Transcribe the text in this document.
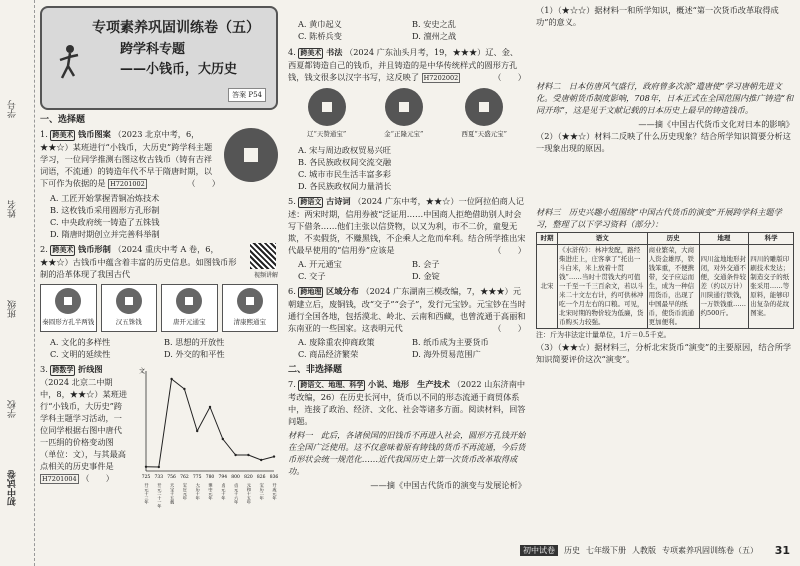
学号
姓名
班级
学校
初中试卷
专项素养巩固训练卷（五）
跨学科专题
——小钱币，大历史
答案 P54
一、选择题
1. 跨美术 钱币图案 （2023 北京中考，6，★★☆）某班进行“小钱币，大历史”跨学科主题学习，一位同学推测右图这枚古钱币（铸有吉祥词语，不流通）的铸造年代不早于隋唐时期，以下可作为依据的是 H7201002	（　　）
A. 工匠开始掌握青铜冶炼技术
B. 这枚钱币采用圆形方孔形制
C. 中央政府统一铸造了五铢钱
D. 隋唐时期创立并完善科举制
视频讲解
2. 跨美术 钱币形制 （2024 重庆中考 A 卷，6，★★☆）古钱币中蕴含着丰富的历史信息。如图钱币形制的沿革体现了我国古代
秦圆形方孔半两钱	汉五铢钱	唐开元通宝	清康熙通宝
A. 文化的多样性	B. 思想的开放性
C. 文明的延续性	D. 外交的和平性
3. 跨数学 折线图 （2024 北京二中期中，8，★★☆）某班进行“小钱币，大历史”跨学科主题学习活动，一位同学根据右图中唐代一匹绢的价格变动图（单位：文），与其最高点相关的历史事件是 H7201004 （　　）
文
725
开元十三年
733
开元二十一年
756
天宝十五载
762
宝应元年
775
大历十年
780
建中元年
794
贞元十年
800
贞元十六年
820
元和十五年
826
宝历二年
836
开成元年
A. 黄巾起义	B. 安史之乱
C. 陈桥兵变	D. 澶州之战
4. 跨美术 书法 （2024 广东汕头月考，19，★★★）辽、金、西夏都铸造自己的钱币，并且铸造的是中华传统样式的圆形方孔钱，钱文很多以汉字书写，这反映了 H7202002	（　　）
辽“天赞通宝”	金“正隆元宝”	西夏“天盛元宝”
A. 宋与周边政权贸易兴旺
B. 各民族政权间交流交融
C. 城市市民生活丰富多彩
D. 各民族政权间力量消长
5. 跨语文 古诗词 （2024 广东中考，★★☆）一位阿拉伯商人记述：两宋时期，信用券被“泛证用……中国商人拒绝借助别人时会写下借条……他们主张以信贷物，以又为利，市不二价，童叟无欺，不卖假货，不赚黑钱，不企乘人之危而牟利。结合所学推出宋代最早使用的“信用券”应该是	（　　）
A. 开元通宝	B. 会子
C. 交子	D. 金锭
6. 跨地理 区域分布 （2024 广东湖南三模改编，7，★★★）元朝建立后，废铜钱，改“交子”“会子”，发行元宝钞。元宝钞在当时通行全国各地，包括漠北、岭北、云南和西藏，也曾流通于高丽和东南亚的一些国家。这表明元代	（　　）
A. 废除重农抑商政策	B. 纸币成为主要货币
C. 商品经济繁荣	D. 海外贸易范围广
二、非选择题
7. 跨语文、地理、科学 小说、地形　生产技术 （2022 山东济南中考改编，26）在历史长河中，货币以不同的形态流通于商贸体系中，连接了政治、经济、文化、社会等诸多方面。阅读材料，回答问题。
材料一　此后，各诸侯国的旧钱币不再进入社会，圆形方孔钱开始在全国广泛使用。这不仅意味着原有铸钱的货币不再流通，今后货币形状会统一规范化……近代我国历史上第一次货币改革取得成功。
——摘《中国古代货币的演变与发展论析》
（1）（★☆☆）据材料一和所学知识，概述“第一次货币改革取得成功”的意义。
材料二　日本仿唐风气盛行，政府曾多次派“遣唐使”学习唐朝先进文化。受唐朝货币制度影响，708年，日本正式在全国范围内推广铸造“和同开珎”，这是见于文献记载的日本历史上最早的铸造钱币。
——摘《中国古代货币文化对日本的影响》
（2）（★★☆）材料二反映了什么历史现象？结合所学知识简要分析这一现象出现的原因。
材料三　历史兴趣小组围绕“中国古代货币的演变”开展跨学科主题学习，整理了以下学习资料（部分）：
时期	语文	历史	地理	科学
北宋	《水浒传》：林冲发配，路经柴进庄上，庄客拿了“托出一斗白米，米上放着十贯钱”……当时十贯钱大约可值一千至一千三百余文，若以斗米二十文左右计，约可供林冲吃一个月左右的口粮。可见，北宋时期的物价较为低廉，货币购买力较强。	商业繁荣，大商人资金雄厚，铁钱笨重，不便携带，交子应运而生，成为一种信用货币，出现了中国最早的纸币，使货币流通更加便利。	四川盆地地形封闭，对外交通不便，交通条件较差（约以万计）川陕通行铁钱，一万铁钱重……约500斤。	四川的雕版印刷技术发达；制造交子的纸张采用……等原料，能够印出复杂的花纹图案。
注：斤为非法定计量单位，1斤＝0.5千克。
（3）（★★☆）据材料三，分析北宋货币“演变”的主要原因，结合所学知识简要评价这次“演变”。
初中试卷	历史 七年级下册 人教版 专项素养巩固训练卷（五） 31
